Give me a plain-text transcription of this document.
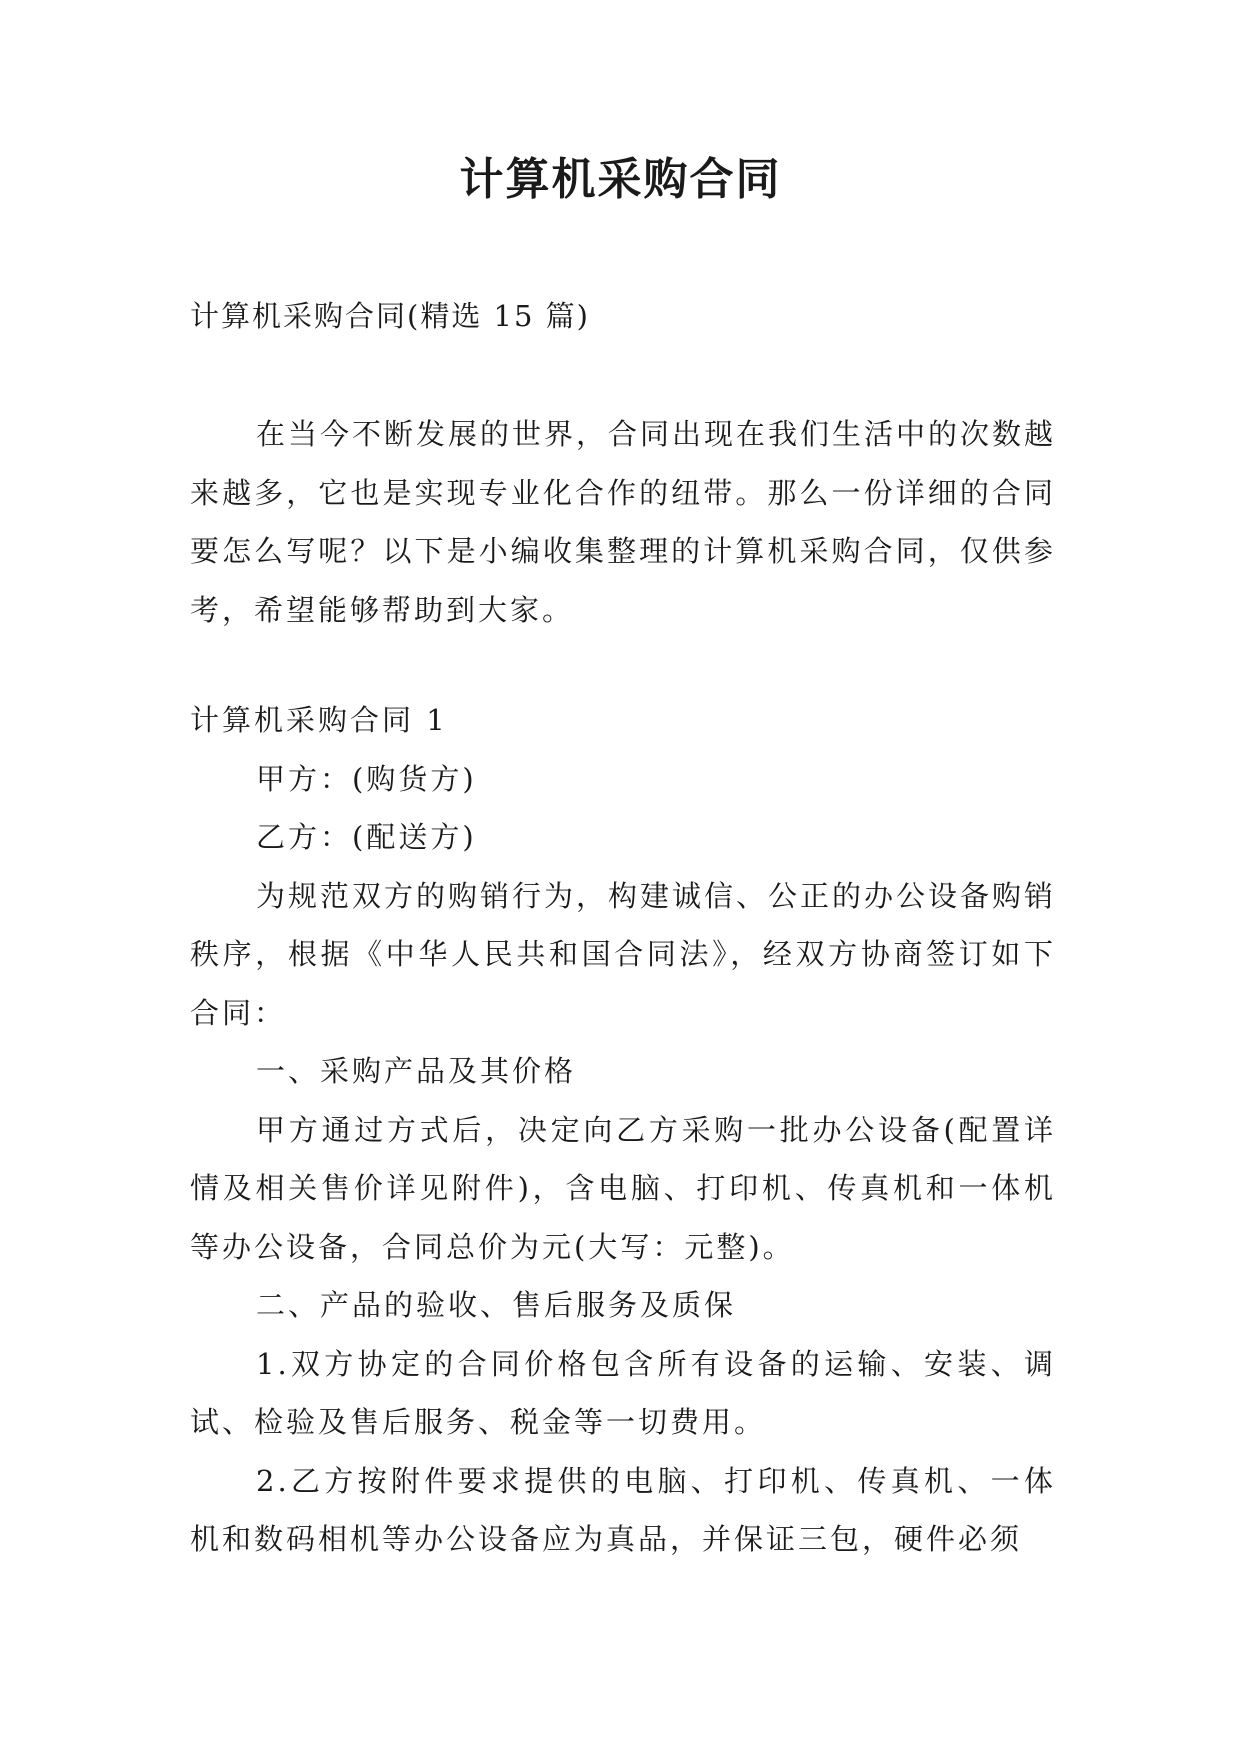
计算机采购合同
计算机采购合同(精选 15 篇)

在当今不断发展的世界，合同出现在我们生活中的次数越来越多，它也是实现专业化合作的纽带。那么一份详细的合同要怎么写呢？以下是小编收集整理的计算机采购合同，仅供参考，希望能够帮助到大家。

计算机采购合同 1

甲方：(购货方)

乙方：(配送方)

为规范双方的购销行为，构建诚信、公正的办公设备购销秩序，根据《中华人民共和国合同法》，经双方协商签订如下合同：

一、采购产品及其价格

甲方通过方式后，决定向乙方采购一批办公设备(配置详情及相关售价详见附件)，含电脑、打印机、传真机和一体机等办公设备，合同总价为元(大写：元整)。

二、产品的验收、售后服务及质保

1.双方协定的合同价格包含所有设备的运输、安装、调试、检验及售后服务、税金等一切费用。

2.乙方按附件要求提供的电脑、打印机、传真机、一体机和数码相机等办公设备应为真品，并保证三包，硬件必须
